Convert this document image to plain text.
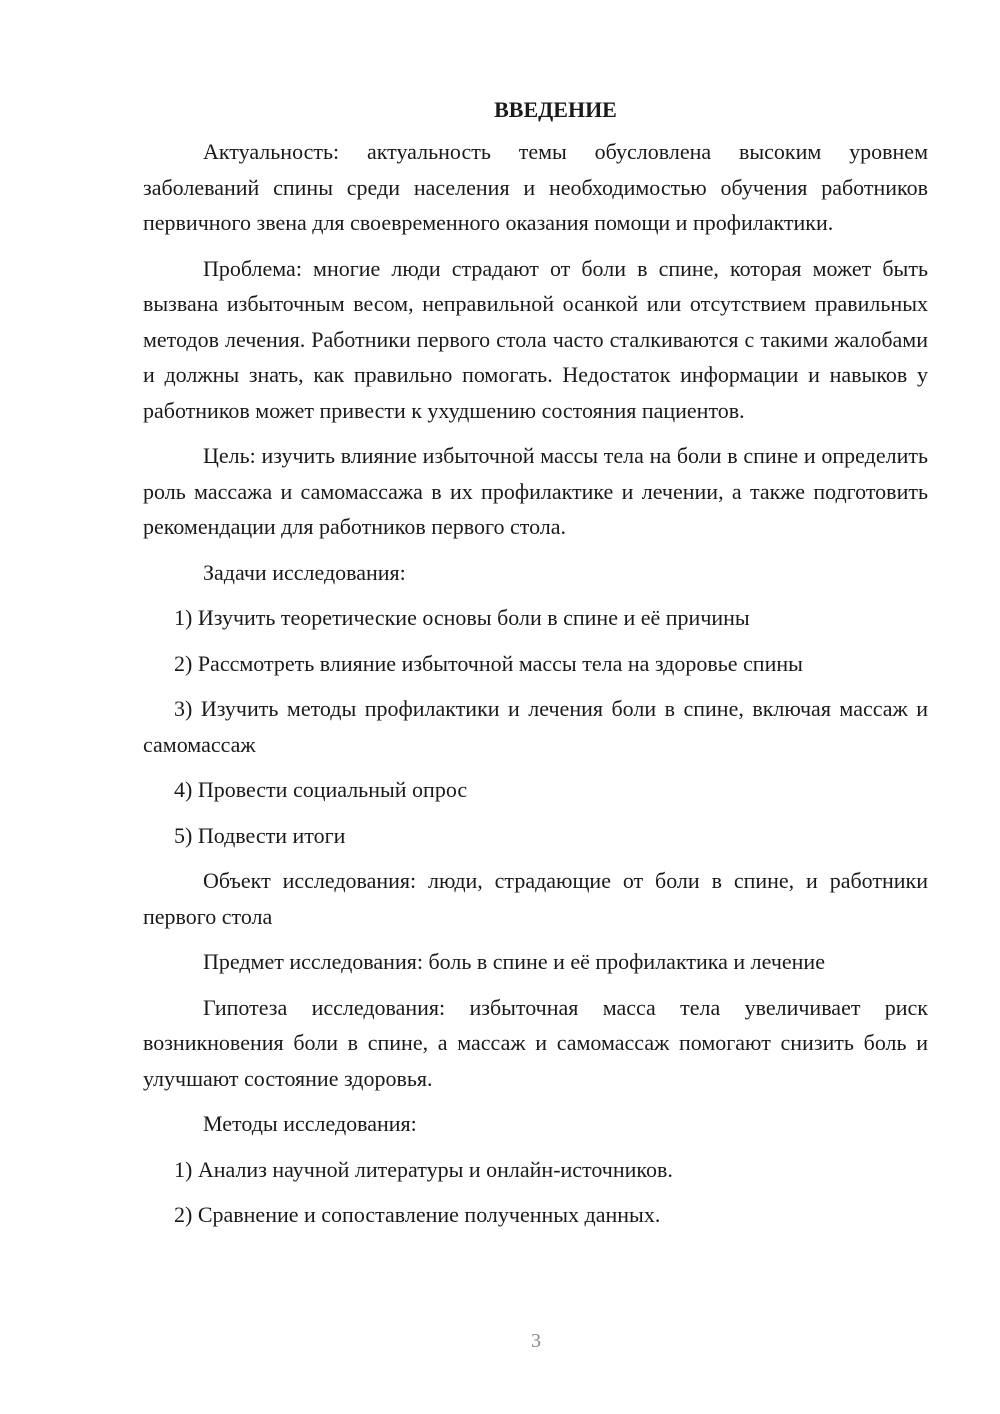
ВВЕДЕНИЕ

Актуальность: актуальность темы обусловлена высоким уровнем заболеваний спины среди населения и необходимостью обучения работников первичного звена для своевременного оказания помощи и профилактики.

Проблема: многие люди страдают от боли в спине, которая может быть вызвана избыточным весом, неправильной осанкой или отсутствием правильных методов лечения. Работники первого стола часто сталкиваются с такими жалобами и должны знать, как правильно помогать. Недостаток информации и навыков у работников может привести к ухудшению состояния пациентов.

Цель: изучить влияние избыточной массы тела на боли в спине и определить роль массажа и самомассажа в их профилактике и лечении, а также подготовить рекомендации для работников первого стола.

Задачи исследования:

1) Изучить теоретические основы боли в спине и её причины

2) Рассмотреть влияние избыточной массы тела на здоровье спины

3) Изучить методы профилактики и лечения боли в спине, включая массаж и самомассаж

4) Провести социальный опрос

5) Подвести итоги

Объект исследования: люди, страдающие от боли в спине, и работники первого стола

Предмет исследования: боль в спине и её профилактика и лечение

Гипотеза исследования: избыточная масса тела увеличивает риск возникновения боли в спине, а массаж и самомассаж помогают снизить боль и улучшают состояние здоровья.

Методы исследования:

1) Анализ научной литературы и онлайн-источников.

2) Сравнение и сопоставление полученных данных.

3
